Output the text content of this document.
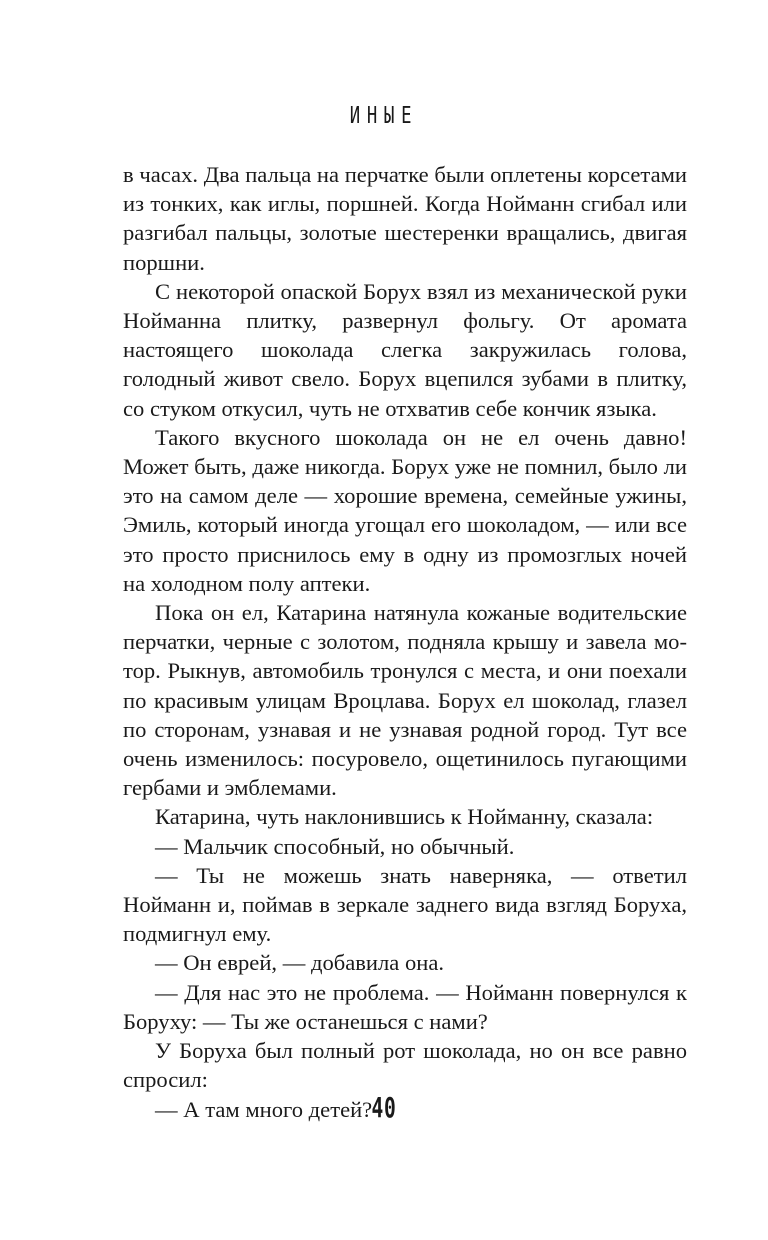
ИНЫЕ

в часах. Два пальца на перчатке были оплетены корсетами из тонких, как иглы, поршней. Когда Нойманн сгибал или разгибал пальцы, золотые шестеренки вращались, двигая поршни.

С некоторой опаской Борух взял из механической руки Нойманна плитку, развернул фольгу. От аромата настоящего шоколада слегка закружилась голова, голодный живот свело. Борух вцепился зубами в плитку, со стуком откусил, чуть не отхватив себе кончик языка.

Такого вкусного шоколада он не ел очень давно! Может быть, даже никогда. Борух уже не помнил, было ли это на самом деле — хорошие времена, семейные ужины, Эмиль, который иногда угощал его шоколадом, — или все это просто приснилось ему в одну из промозглых ночей на холодном полу аптеки.

Пока он ел, Катарина натянула кожаные водительские перчатки, черные с золотом, подняла крышу и завела мотор. Рыкнув, автомобиль тронулся с места, и они поехали по красивым улицам Вроцлава. Борух ел шоколад, глазел по сторонам, узнавая и не узнавая родной город. Тут все очень изменилось: посуровело, ощетинилось пугающими гербами и эмблемами.

Катарина, чуть наклонившись к Нойманну, сказала:

— Мальчик способный, но обычный.

— Ты не можешь знать наверняка, — ответил Нойманн и, поймав в зеркале заднего вида взгляд Боруха, подмигнул ему.

— Он еврей, — добавила она.

— Для нас это не проблема. — Нойманн повернулся к Боруху: — Ты же останешься с нами?

У Боруха был полный рот шоколада, но он все равно спросил:

— А там много детей? 40
